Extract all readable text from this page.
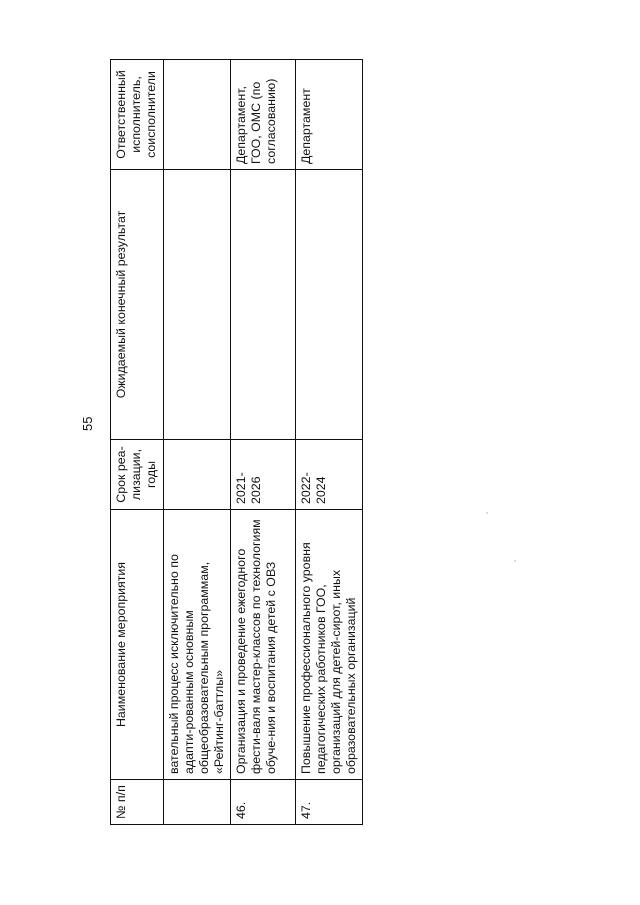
55
№ п/п	Наименование мероприятия	Срок реа-лизации, годы	Ожидаемый конечный результат	Ответственный исполнитель, соисполнители
	вательный процесс исключительно по адапти-рованным основным общеобразовательным программам, «Рейтинг-баттлы»			
46.	Организация и проведение ежегодного фести-валя мастер-классов по технологиям обуче-ния и воспитания детей с ОВЗ	2021-2026		Департамент, ГОО, ОМС (по согласованию)
47.	Повышение профессионального уровня педагогических работников ГОО, организаций для детей-сирот, иных образовательных организаций	2022-2024		Департамент
